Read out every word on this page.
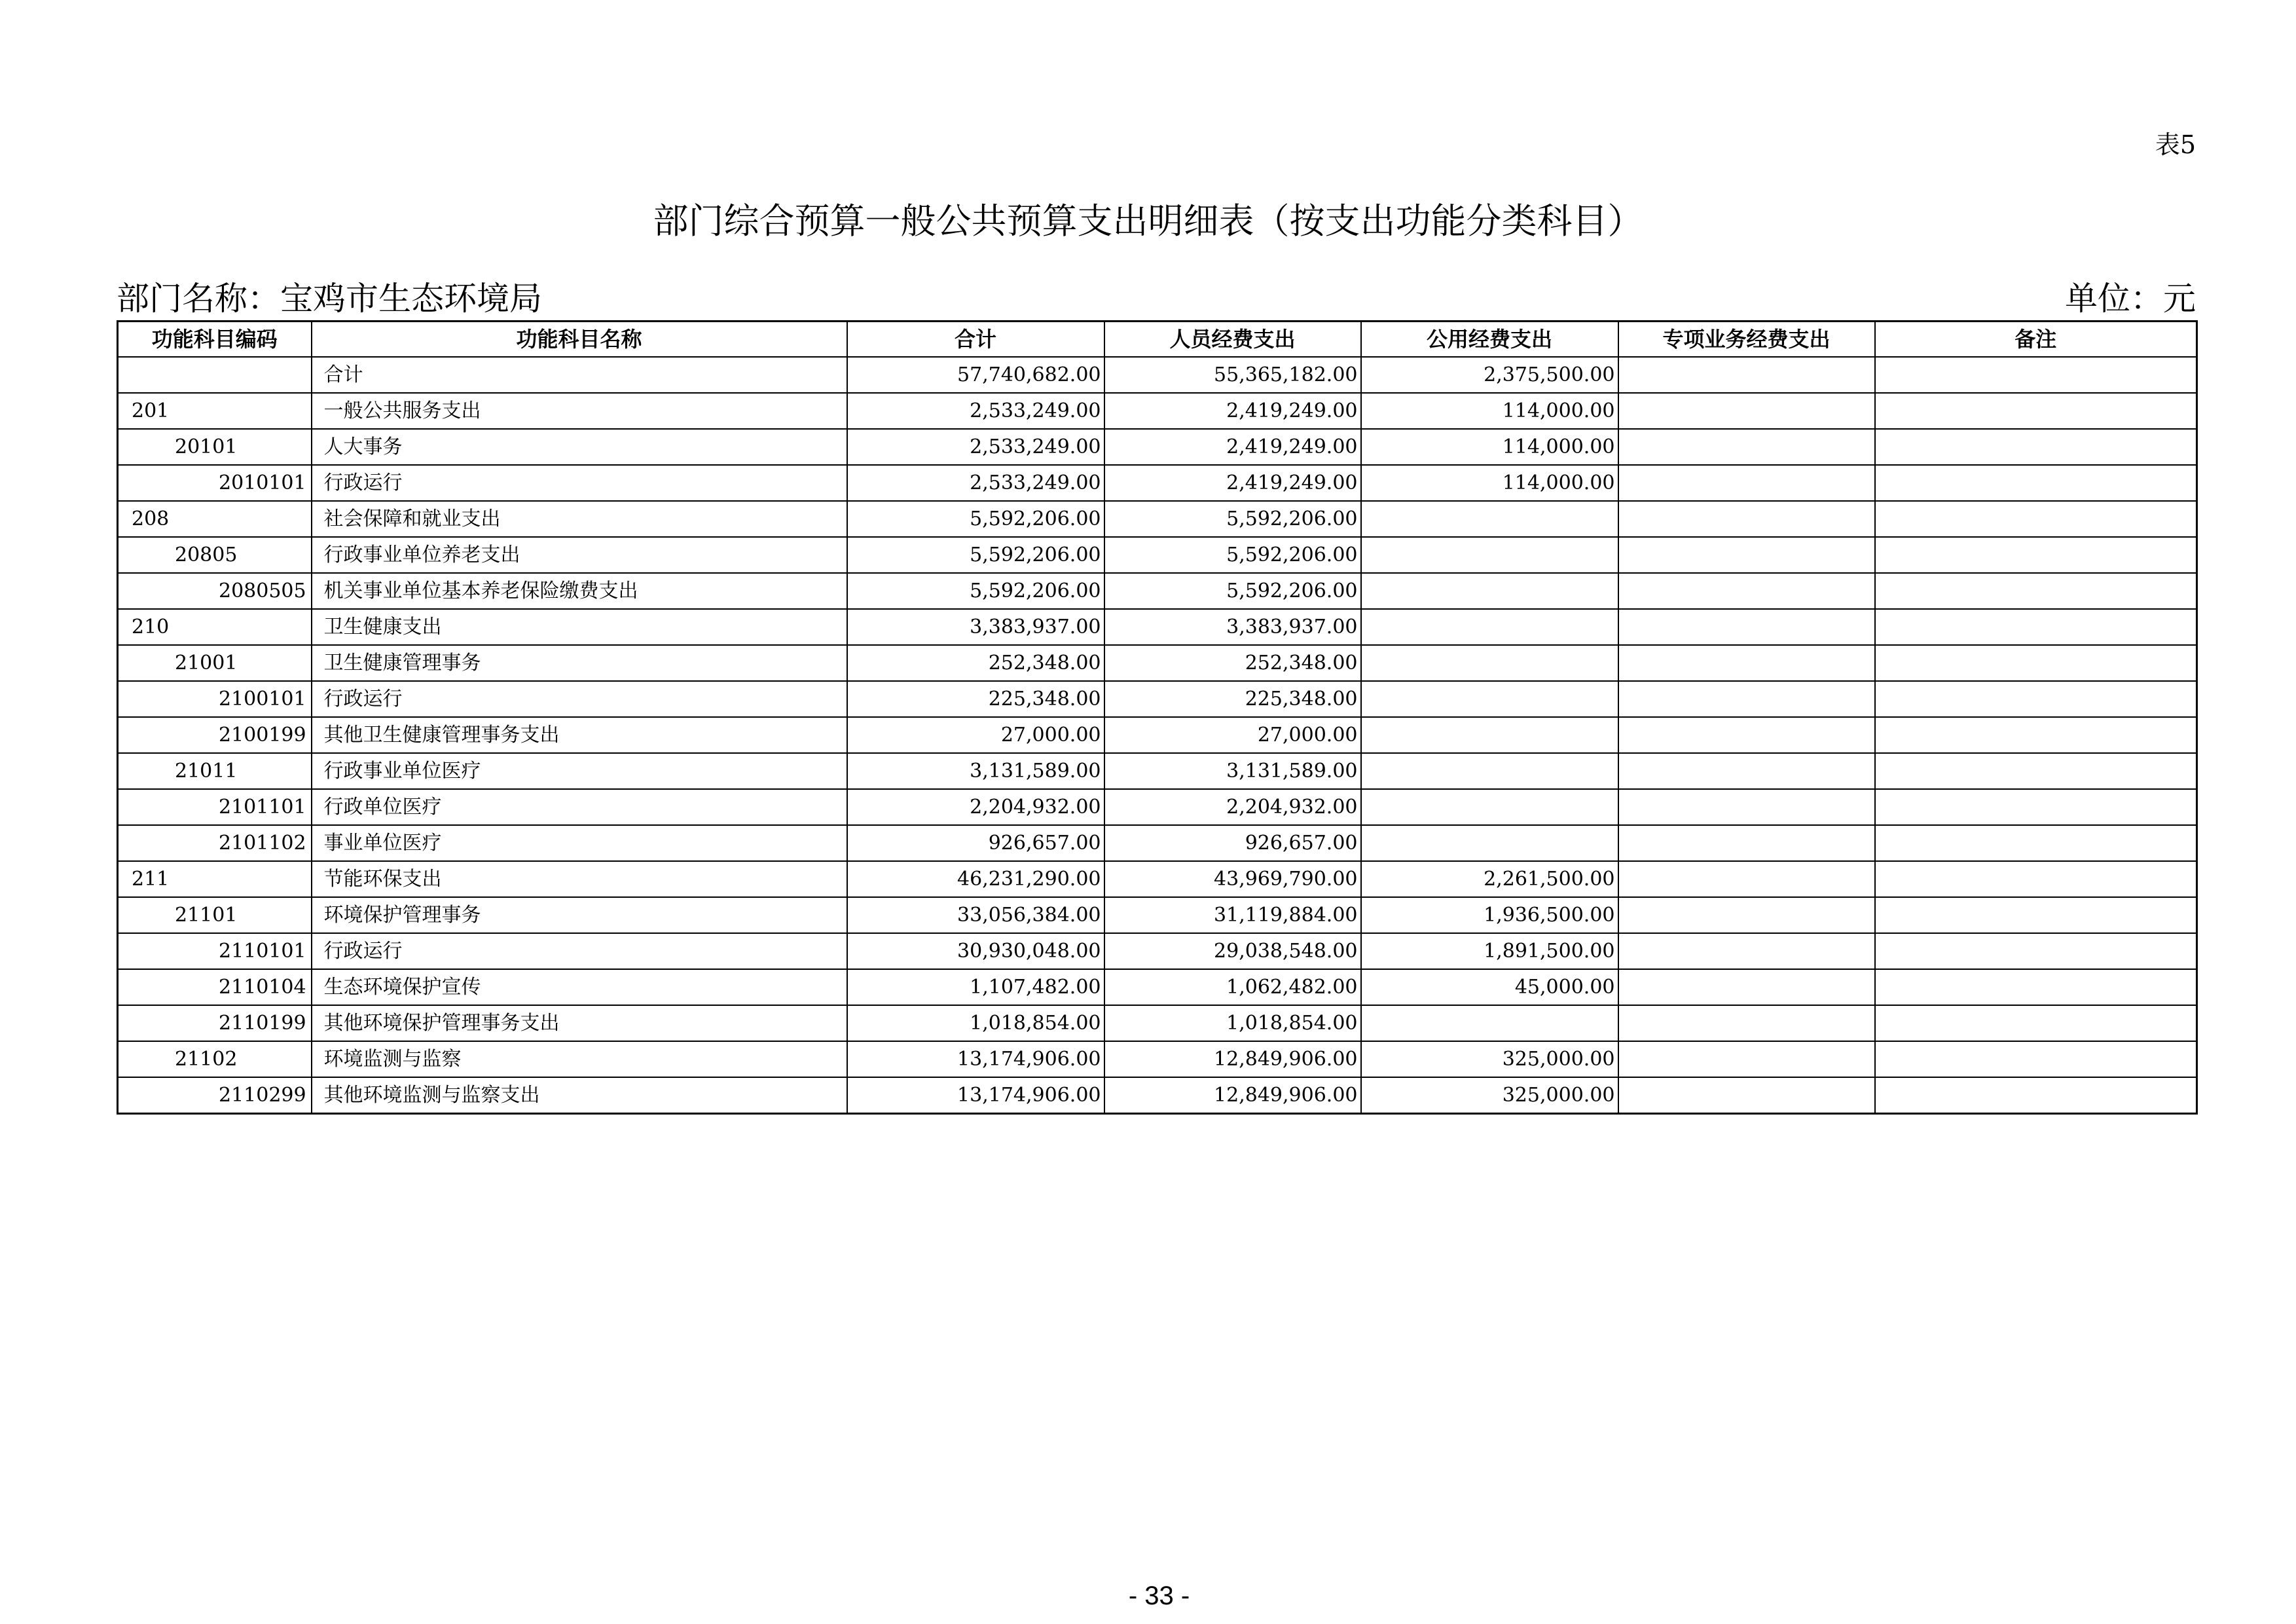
表5
部门综合预算一般公共预算支出明细表（按支出功能分类科目）
部门名称：宝鸡市生态环境局	单位：元
功能科目编码	功能科目名称	合计	人员经费支出	公用经费支出	专项业务经费支出	备注
	合计	57,740,682.00	55,365,182.00	2,375,500.00		
201	一般公共服务支出	2,533,249.00	2,419,249.00	114,000.00		
20101	人大事务	2,533,249.00	2,419,249.00	114,000.00		
2010101	行政运行	2,533,249.00	2,419,249.00	114,000.00		
208	社会保障和就业支出	5,592,206.00	5,592,206.00			
20805	行政事业单位养老支出	5,592,206.00	5,592,206.00			
2080505	机关事业单位基本养老保险缴费支出	5,592,206.00	5,592,206.00			
210	卫生健康支出	3,383,937.00	3,383,937.00			
21001	卫生健康管理事务	252,348.00	252,348.00			
2100101	行政运行	225,348.00	225,348.00			
2100199	其他卫生健康管理事务支出	27,000.00	27,000.00			
21011	行政事业单位医疗	3,131,589.00	3,131,589.00			
2101101	行政单位医疗	2,204,932.00	2,204,932.00			
2101102	事业单位医疗	926,657.00	926,657.00			
211	节能环保支出	46,231,290.00	43,969,790.00	2,261,500.00		
21101	环境保护管理事务	33,056,384.00	31,119,884.00	1,936,500.00		
2110101	行政运行	30,930,048.00	29,038,548.00	1,891,500.00		
2110104	生态环境保护宣传	1,107,482.00	1,062,482.00	45,000.00		
2110199	其他环境保护管理事务支出	1,018,854.00	1,018,854.00			
21102	环境监测与监察	13,174,906.00	12,849,906.00	325,000.00		
2110299	其他环境监测与监察支出	13,174,906.00	12,849,906.00	325,000.00		
- 33 -
